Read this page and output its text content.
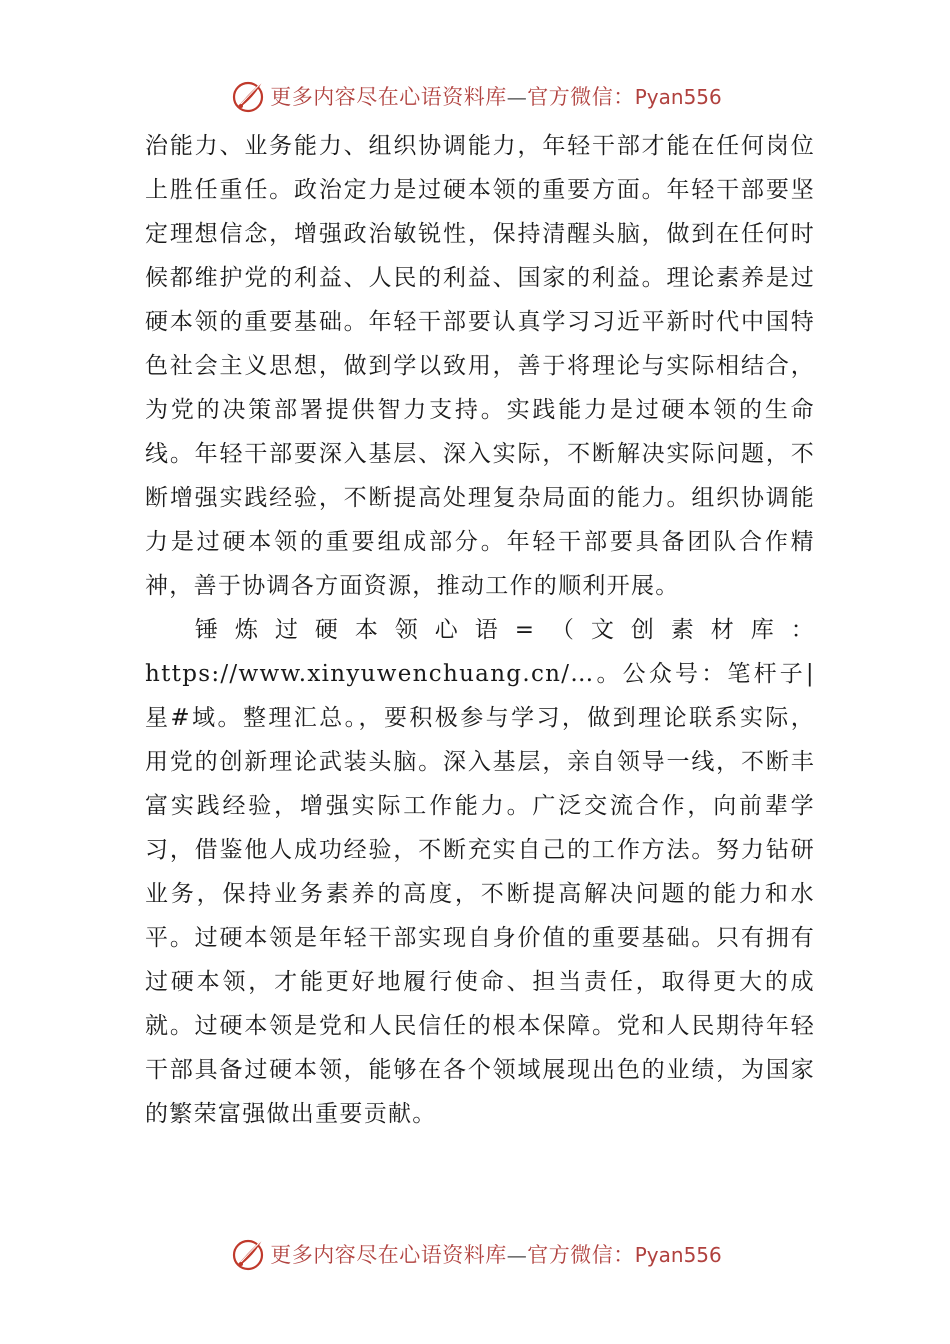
更多内容尽在心语资料库—官方微信：Pyan556

治能力、业务能力、组织协调能力，年轻干部才能在任何岗位上胜任重任。政治定力是过硬本领的重要方面。年轻干部要坚定理想信念，增强政治敏锐性，保持清醒头脑，做到在任何时候都维护党的利益、人民的利益、国家的利益。理论素养是过硬本领的重要基础。年轻干部要认真学习习近平新时代中国特色社会主义思想，做到学以致用，善于将理论与实际相结合，为党的决策部署提供智力支持。实践能力是过硬本领的生命线。年轻干部要深入基层、深入实际，不断解决实际问题，不断增强实践经验，不断提高处理复杂局面的能力。组织协调能力是过硬本领的重要组成部分。年轻干部要具备团队合作精神，善于协调各方面资源，推动工作的顺利开展。

锤炼过硬本领心语=（文创素材库：https://www.xinyuwenchuang.cn/…。公众号：笔杆子|星#域。整理汇总。，要积极参与学习，做到理论联系实际， 用党的创新理论武装头脑。深入基层，亲自领导一线，不断丰富实践经验，增强实际工作能力。广泛交流合作，向前辈学习，借鉴他人成功经验，不断充实自己的工作方法。努力钻研业务，保持业务素养的高度，不断提高解决问题的能力和水平。过硬本领是年轻干部实现自身价值的重要基础。只有拥有过硬本领，才能更好地履行使命、担当责任，取得更大的成就。过硬本领是党和人民信任的根本保障。党和人民期待年轻干部具备过硬本领，能够在各个领域展现出色的业绩，为国家的繁荣富强做出重要贡献。

更多内容尽在心语资料库—官方微信：Pyan556
